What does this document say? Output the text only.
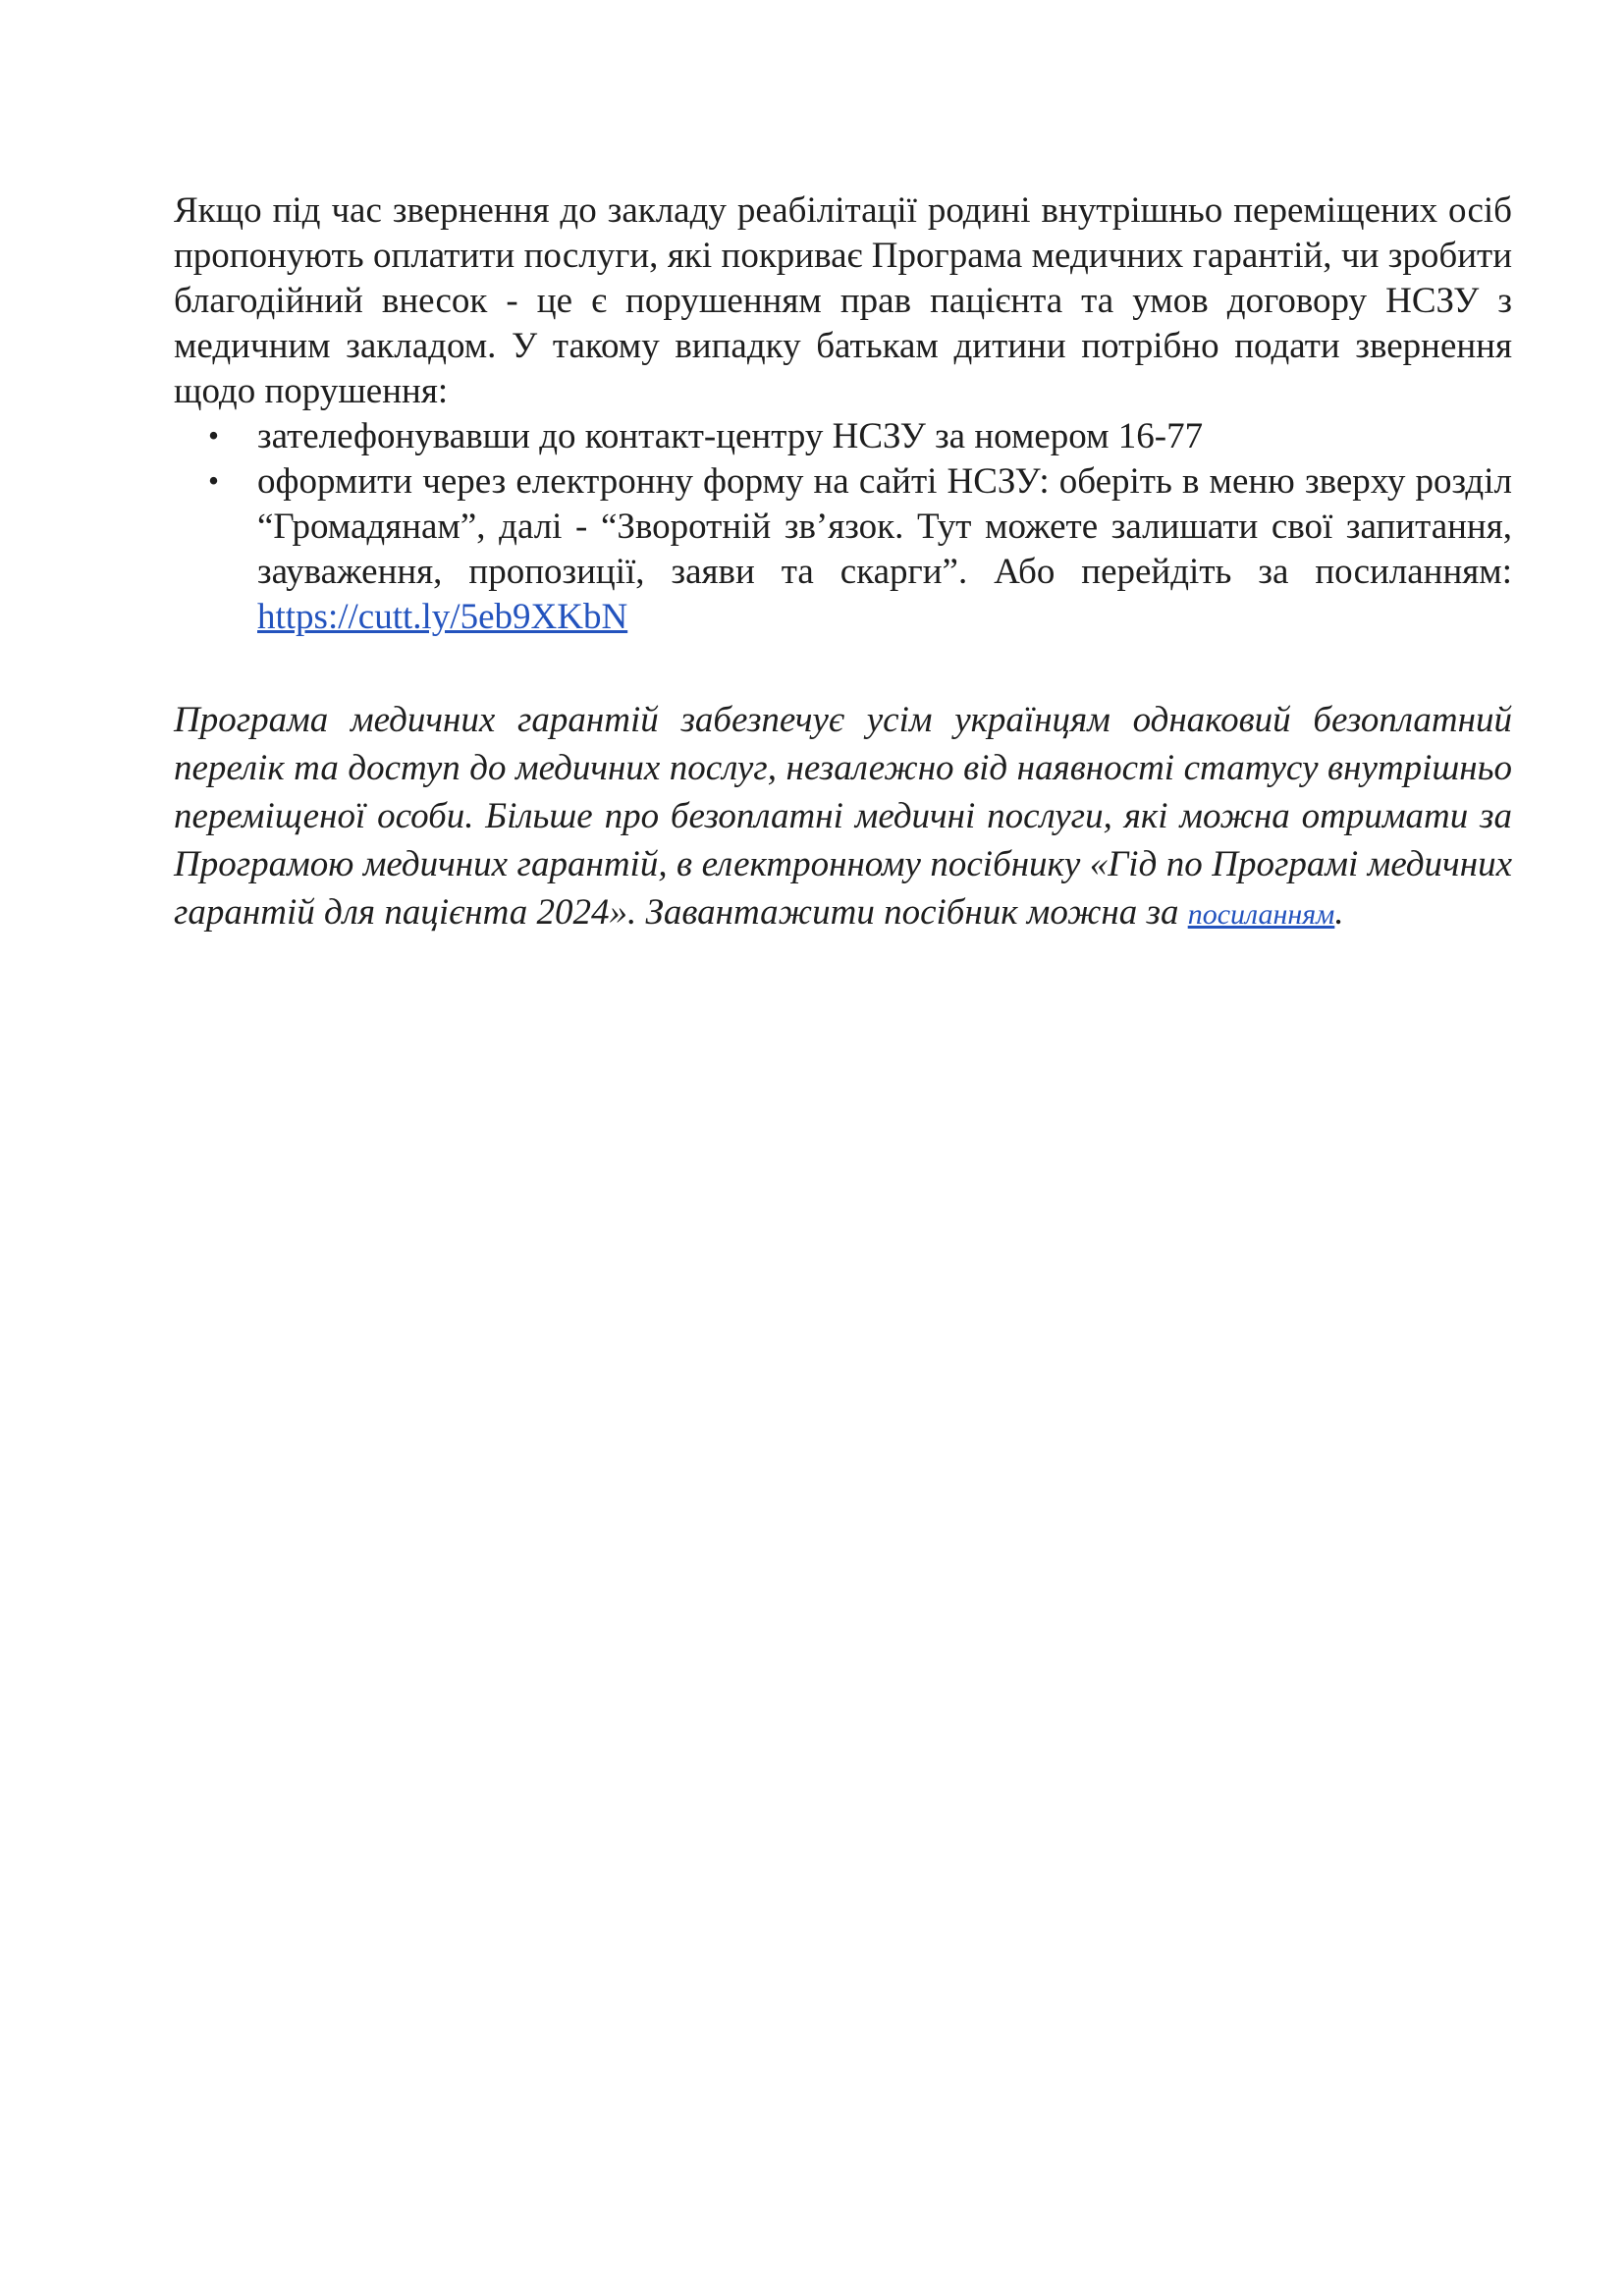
Якщо під час звернення до закладу реабілітації родині внутрішньо переміщених осіб пропонують оплатити послуги, які покриває Програма медичних гарантій, чи зробити благодійний внесок - це є порушенням прав пацієнта та умов договору НСЗУ з медичним закладом. У такому випадку батькам дитини потрібно подати звернення щодо порушення:

• зателефонувавши до контакт-центру НСЗУ за номером 16-77
• оформити через електронну форму на сайті НСЗУ: оберіть в меню зверху розділ “Громадянам”, далі - “Зворотній зв’язок. Тут можете залишати свої запитання, зауваження, пропозиції, заяви та скарги”. Або перейдіть за посиланням: https://cutt.ly/5eb9XKbN

Програма медичних гарантій забезпечує усім українцям однаковий безоплатний перелік та доступ до медичних послуг, незалежно від наявності статусу внутрішньо переміщеної особи. Більше про безоплатні медичні послуги, які можна отримати за Програмою медичних гарантій, в електронному посібнику «Гід по Програмі медичних гарантій для пацієнта 2024». Завантажити посібник можна за посиланням.
